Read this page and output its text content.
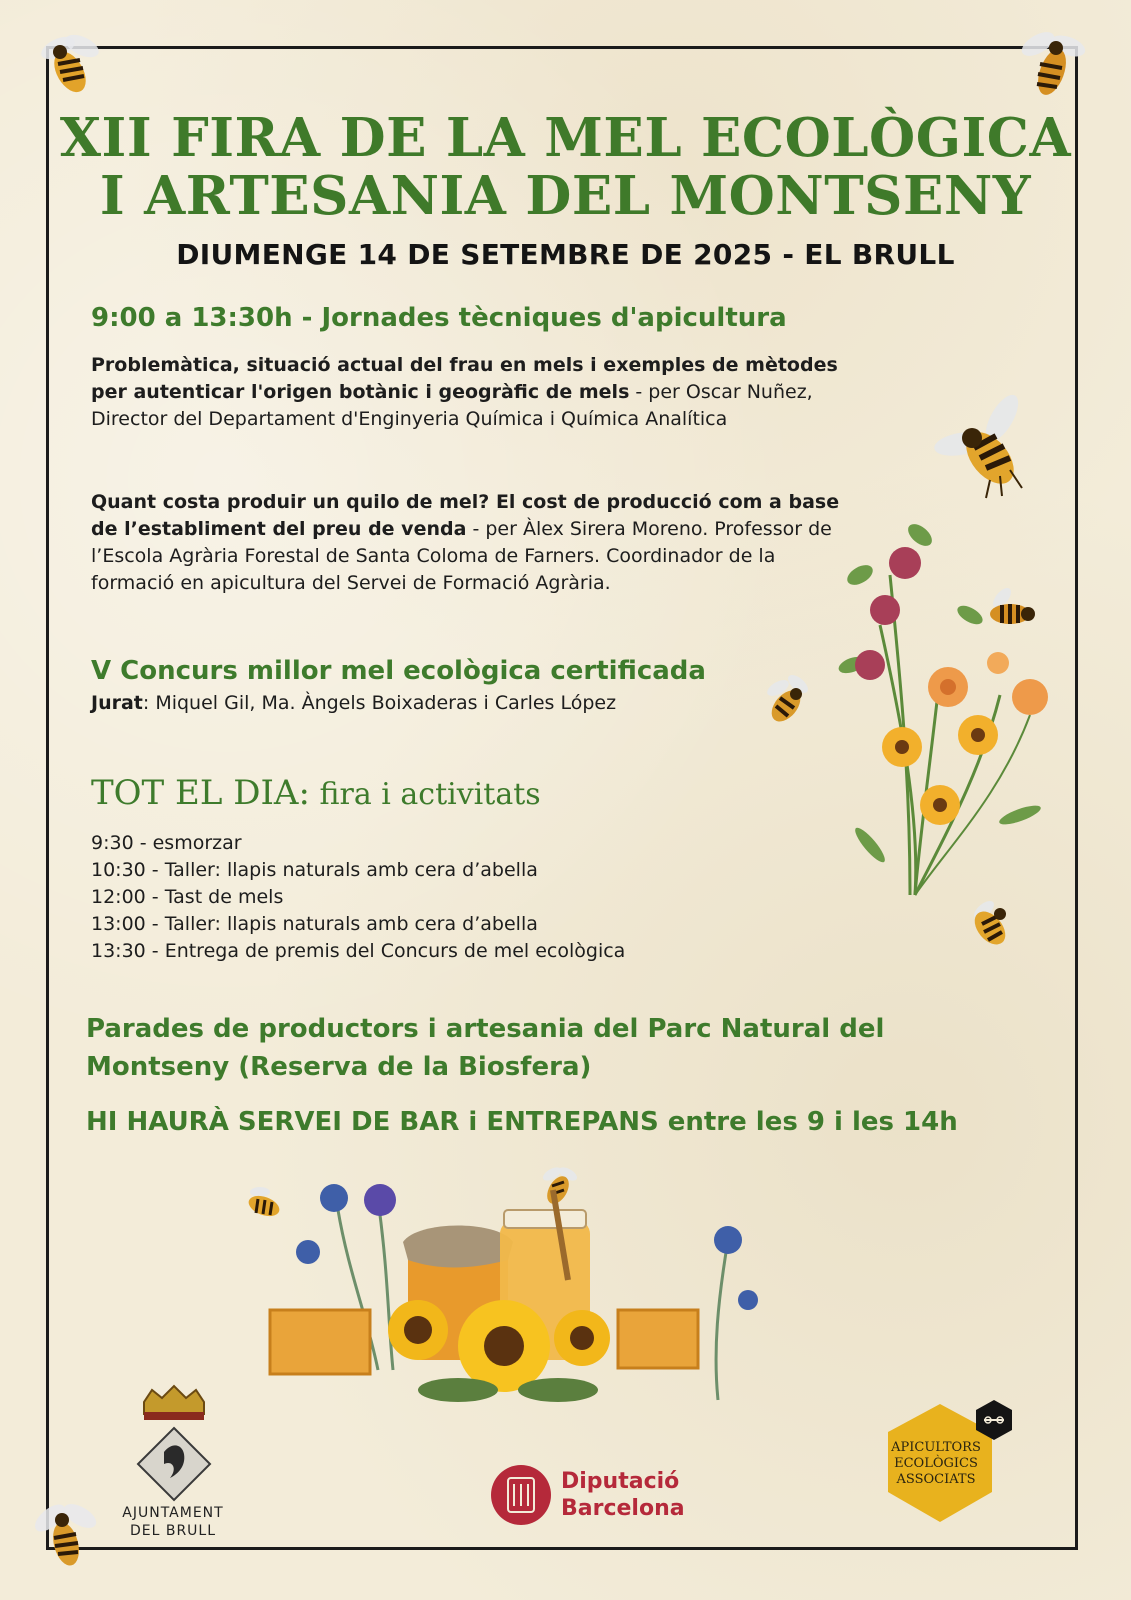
XII FIRA DE LA MEL ECOLÒGICA
I ARTESANIA DEL MONTSENY
DIUMENGE 14 DE SETEMBRE DE 2025 - EL BRULL
9:00 a 13:30h - Jornades tècniques d'apicultura
Problemàtica, situació actual del frau en mels i exemples de mètodes per autenticar l'origen botànic i geogràfic de mels - per Oscar Nuñez, Director del Departament d'Enginyeria Química i Química Analítica
Quant costa produir un quilo de mel? El cost de producció com a base de l’establiment del preu de venda - per Àlex Sirera Moreno. Professor de l’Escola Agrària Forestal de Santa Coloma de Farners. Coordinador de la formació en apicultura del Servei de Formació Agrària.
V Concurs millor mel ecològica certificada
Jurat: Miquel Gil, Ma. Àngels Boixaderas i Carles López
TOT EL DIA: fira i activitats
9:30 - esmorzar
10:30 - Taller: llapis naturals amb cera d’abella
12:00 - Tast de mels
13:00 - Taller: llapis naturals amb cera d’abella
13:30 - Entrega de premis del Concurs de mel ecològica
Parades de productors i artesania del Parc Natural del Montseny (Reserva de la Biosfera)
HI HAURÀ SERVEI DE BAR i ENTREPANS entre les 9 i les 14h
AJUNTAMENT
DEL BRULL
Diputació
Barcelona
APICULTORS
ECOLÒGICS
ASSOCIATS
